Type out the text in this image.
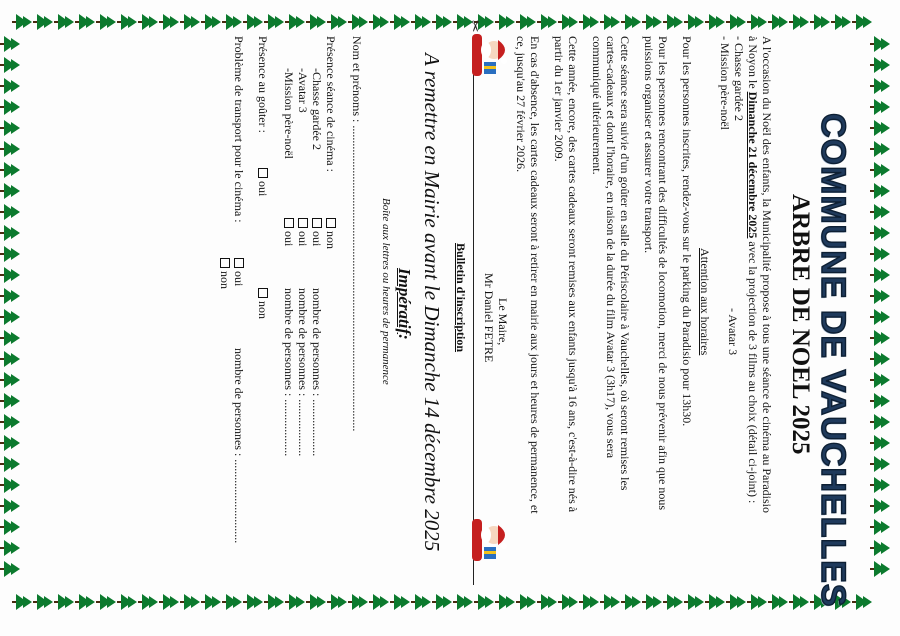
COMMUNE DE VAUCHELLES
ARBRE DE NOEL 2025
A l'occasion du Noël des enfants, la Municipalité propose à tous une séance de cinéma au Paradisio
à Noyon le Dimanche 21 décembre 2025 avec la projection de 3 films au choix (détail ci-joint) :
- Chasse gardée 2
- Avatar 3
- Mission père-noël
Attention aux horaires
Pour les personnes inscrites, rendez-vous sur le parking du Paradisio pour 13h30.
Pour les personnes rencontrant des difficultés de locomotion, merci de nous prévenir afin que nous
puissions organiser et assurer votre transport.
Cette séance sera suivie d'un goûter en salle du Périscolaire à Vauchelles, où seront remises les
cartes-cadeaux et dont l'horaire, en raison de la durée du film Avatar 3 (3h17), vous sera
communiqué ultérieurement.
Cette année, encore, des cartes cadeaux seront remises aux enfants jusqu'à 16 ans, c'est-à-dire nés à
partir du 1er janvier 2009.
En cas d'absence, les cartes cadeaux seront à retirer en mairie aux jours et heures de permanence, et
ce, jusqu'au 27 février 2026.
Le Maire,
Mr Daniel FETRE
✂
Bulletin d'inscription
A remettre en Mairie avant le Dimanche 14 décembre 2025
Impératif:
Boîte aux lettres ou heures de permanence
Nom et prénoms : ......................................................................................................
Présence séance de cinéma :
non
-Chasse gardée 2
oui
nombre de personnes : ...................
-Avatar 3
oui
nombre de personnes : ...................
-Mission père-noël
oui
nombre de personnes : ...................
Présence au goûter :
oui
non
Problème de transport pour le cinéma :
oui
non
nombre de personnes : ............................
